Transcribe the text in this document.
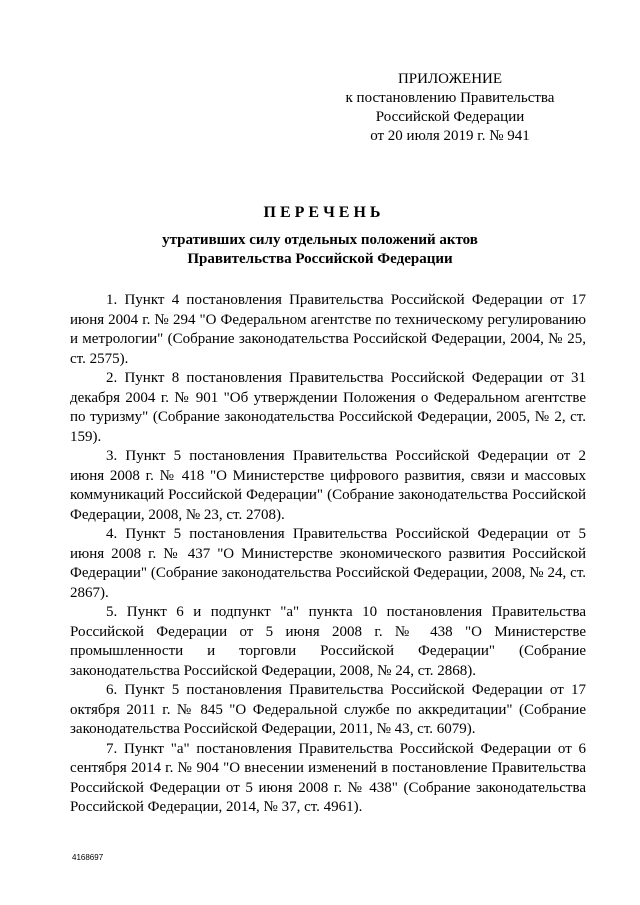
ПРИЛОЖЕНИЕ
к постановлению Правительства
Российской Федерации
от 20 июля 2019 г. № 941
ПЕРЕЧЕНЬ
утративших силу отдельных положений актов
Правительства Российской Федерации

1. Пункт 4 постановления Правительства Российской Федерации от 17 июня 2004 г. № 294 "О Федеральном агентстве по техническому регулированию и метрологии" (Собрание законодательства Российской Федерации, 2004, № 25, ст. 2575).

2. Пункт 8 постановления Правительства Российской Федерации от 31 декабря 2004 г. № 901 "Об утверждении Положения о Федеральном агентстве по туризму" (Собрание законодательства Российской Федерации, 2005, № 2, ст. 159).

3. Пункт 5 постановления Правительства Российской Федерации от 2 июня 2008 г. № 418 "О Министерстве цифрового развития, связи и массовых коммуникаций Российской Федерации" (Собрание законодательства Российской Федерации, 2008, № 23, ст. 2708).

4. Пункт 5 постановления Правительства Российской Федерации от 5 июня 2008 г. № 437 "О Министерстве экономического развития Российской Федерации" (Собрание законодательства Российской Федерации, 2008, № 24, ст. 2867).

5. Пункт 6 и подпункт "а" пункта 10 постановления Правительства Российской Федерации от 5 июня 2008 г. № 438 "О Министерстве промышленности и торговли Российской Федерации" (Собрание законодательства Российской Федерации, 2008, № 24, ст. 2868).

6. Пункт 5 постановления Правительства Российской Федерации от 17 октября 2011 г. № 845 "О Федеральной службе по аккредитации" (Собрание законодательства Российской Федерации, 2011, № 43, ст. 6079).

7. Пункт "а" постановления Правительства Российской Федерации от 6 сентября 2014 г. № 904 "О внесении изменений в постановление Правительства Российской Федерации от 5 июня 2008 г. № 438" (Собрание законодательства Российской Федерации, 2014, № 37, ст. 4961).

4168697
